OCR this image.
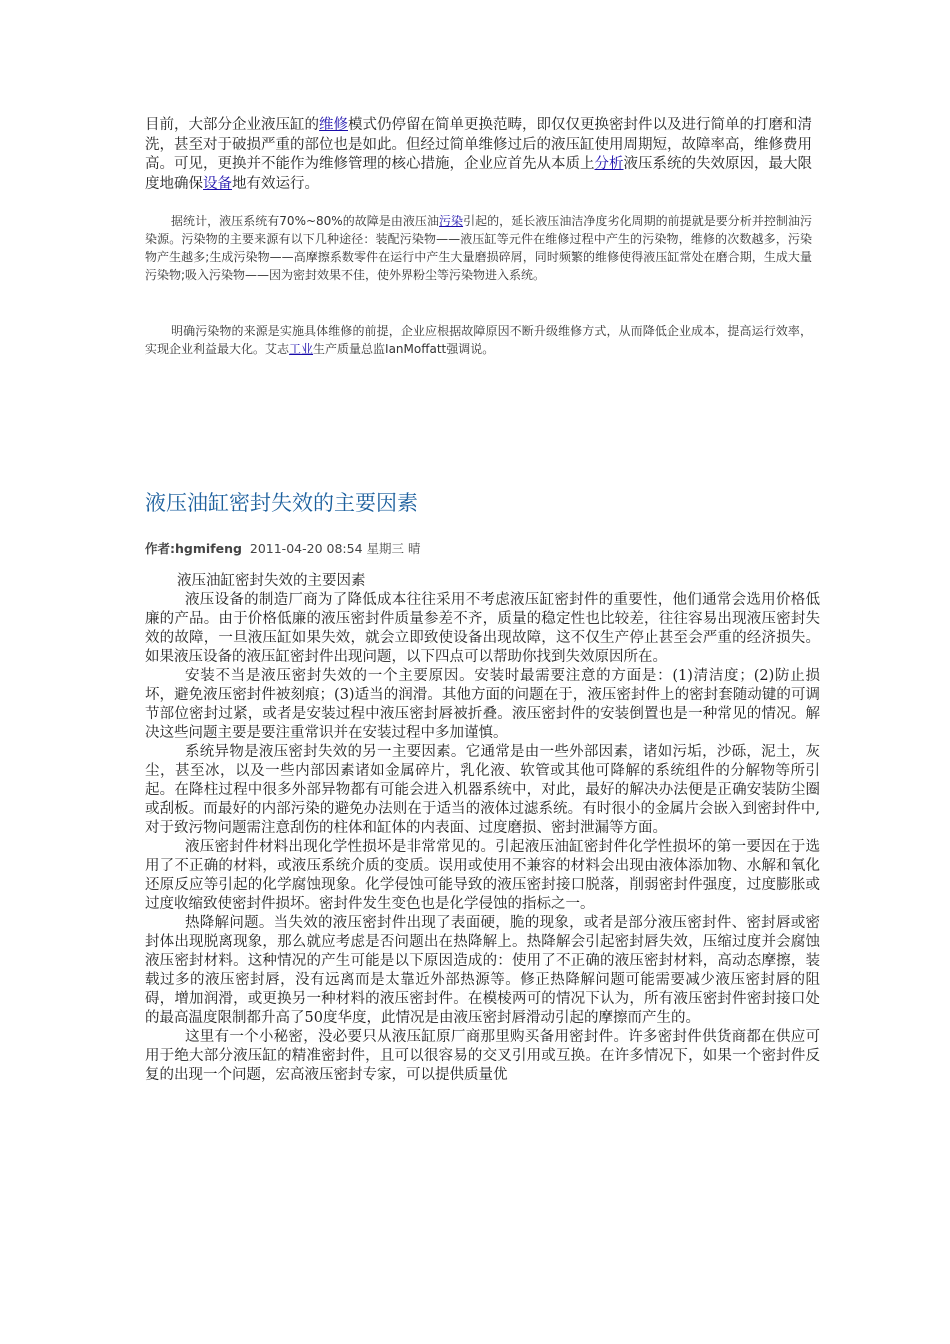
目前，大部分企业液压缸的维修模式仍停留在简单更换范畴，即仅仅更换密封件以及进行简单的打磨和清洗，甚至对于破损严重的部位也是如此。但经过简单维修过后的液压缸使用周期短，故障率高，维修费用高。可见，更换并不能作为维修管理的核心措施，企业应首先从本质上分析液压系统的失效原因，最大限度地确保设备地有效运行。
据统计，液压系统有70%~80%的故障是由液压油污染引起的，延长液压油洁净度劣化周期的前提就是要分析并控制油污染源。污染物的主要来源有以下几种途径：装配污染物——液压缸等元件在维修过程中产生的污染物，维修的次数越多，污染物产生越多;生成污染物——高摩擦系数零件在运行中产生大量磨损碎屑，同时频繁的维修使得液压缸常处在磨合期，生成大量污染物;吸入污染物——因为密封效果不佳，使外界粉尘等污染物进入系统。
明确污染物的来源是实施具体维修的前提，企业应根据故障原因不断升级维修方式，从而降低企业成本，提高运行效率，实现企业利益最大化。艾志工业生产质量总监IanMoffatt强调说。
液压油缸密封失效的主要因素
作者:hgmifeng 2011-04-20 08:54 星期三 晴
液压油缸密封失效的主要因素
液压设备的制造厂商为了降低成本往往采用不考虑液压缸密封件的重要性，他们通常会选用价格低廉的产品。由于价格低廉的液压密封件质量参差不齐，质量的稳定性也比较差，往往容易出现液压密封失效的故障，一旦液压缸如果失效，就会立即致使设备出现故障，这不仅生产停止甚至会严重的经济损失。如果液压设备的液压缸密封件出现问题，以下四点可以帮助你找到失效原因所在。
安装不当是液压密封失效的一个主要原因。安装时最需要注意的方面是：(1)清洁度；(2)防止损坏，避免液压密封件被刻痕；(3)适当的润滑。其他方面的问题在于，液压密封件上的密封套随动键的可调节部位密封过紧，或者是安装过程中液压密封唇被折叠。液压密封件的安装倒置也是一种常见的情况。解决这些问题主要是要注重常识并在安装过程中多加谨慎。
系统异物是液压密封失效的另一主要因素。它通常是由一些外部因素，诸如污垢，沙砾，泥土，灰尘，甚至冰，以及一些内部因素诸如金属碎片，乳化液、软管或其他可降解的系统组件的分解物等所引起。在降柱过程中很多外部异物都有可能会进入机器系统中，对此，最好的解决办法便是正确安装防尘圈或刮板。而最好的内部污染的避免办法则在于适当的液体过滤系统。有时很小的金属片会嵌入到密封件中,对于致污物问题需注意刮伤的柱体和缸体的内表面、过度磨损、密封泄漏等方面。
液压密封件材料出现化学性损坏是非常常见的。引起液压油缸密封件化学性损坏的第一要因在于选用了不正确的材料，或液压系统介质的变质。误用或使用不兼容的材料会出现由液体添加物、水解和氧化还原反应等引起的化学腐蚀现象。化学侵蚀可能导致的液压密封接口脱落，削弱密封件强度，过度膨胀或过度收缩致使密封件损坏。密封件发生变色也是化学侵蚀的指标之一。
热降解问题。当失效的液压密封件出现了表面硬，脆的现象，或者是部分液压密封件、密封唇或密封体出现脱离现象，那么就应考虑是否问题出在热降解上。热降解会引起密封唇失效，压缩过度并会腐蚀液压密封材料。这种情况的产生可能是以下原因造成的：使用了不正确的液压密封材料，高动态摩擦，装载过多的液压密封唇，没有远离而是太靠近外部热源等。修正热降解问题可能需要减少液压密封唇的阻碍，增加润滑，或更换另一种材料的液压密封件。在模棱两可的情况下认为，所有液压密封件密封接口处的最高温度限制都升高了50度华度，此情况是由液压密封唇滑动引起的摩擦而产生的。
这里有一个小秘密，没必要只从液压缸原厂商那里购买备用密封件。许多密封件供货商都在供应可用于绝大部分液压缸的精准密封件，且可以很容易的交叉引用或互换。在许多情况下，如果一个密封件反复的出现一个问题，宏高液压密封专家，可以提供质量优
